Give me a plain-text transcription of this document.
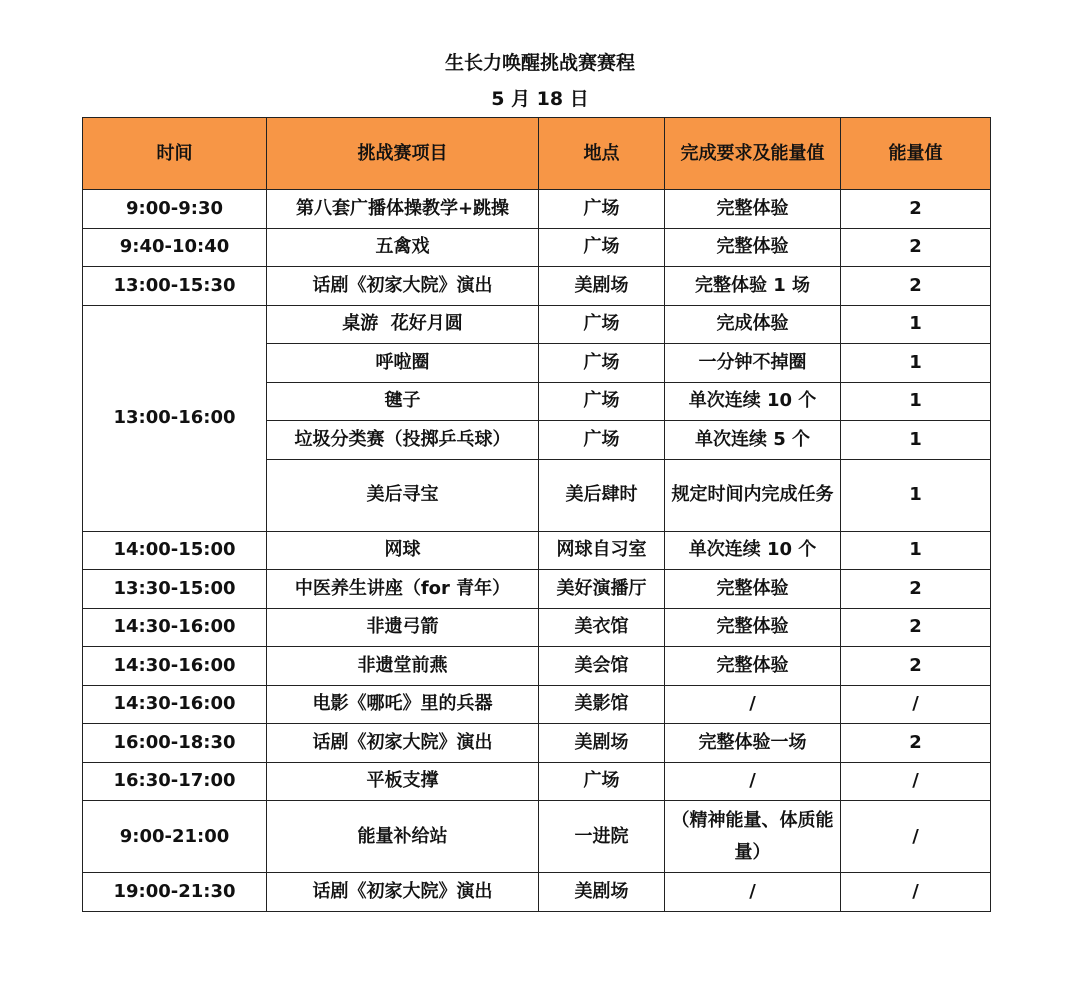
生长力唤醒挑战赛赛程
5 月 18 日
时间	挑战赛项目	地点	完成要求及能量值	能量值
9:00-9:30	第八套广播体操教学+跳操	广场	完整体验	2
9:40-10:40	五禽戏	广场	完整体验	2
13:00-15:30	话剧《初家大院》演出	美剧场	完整体验 1 场	2
13:00-16:00	桌游  花好月圆	广场	完成体验	1
	呼啦圈	广场	一分钟不掉圈	1
	毽子	广场	单次连续 10 个	1
	垃圾分类赛（投掷乒乓球）	广场	单次连续 5 个	1
	美后寻宝	美后肆时	规定时间内完成任务	1
14:00-15:00	网球	网球自习室	单次连续 10 个	1
13:30-15:00	中医养生讲座（for 青年）	美好演播厅	完整体验	2
14:30-16:00	非遗弓箭	美衣馆	完整体验	2
14:30-16:00	非遗堂前燕	美会馆	完整体验	2
14:30-16:00	电影《哪吒》里的兵器	美影馆	/	/
16:00-18:30	话剧《初家大院》演出	美剧场	完整体验一场	2
16:30-17:00	平板支撑	广场	/	/
9:00-21:00	能量补给站	一进院	（精神能量、体质能量）	/
19:00-21:30	话剧《初家大院》演出	美剧场	/	/
